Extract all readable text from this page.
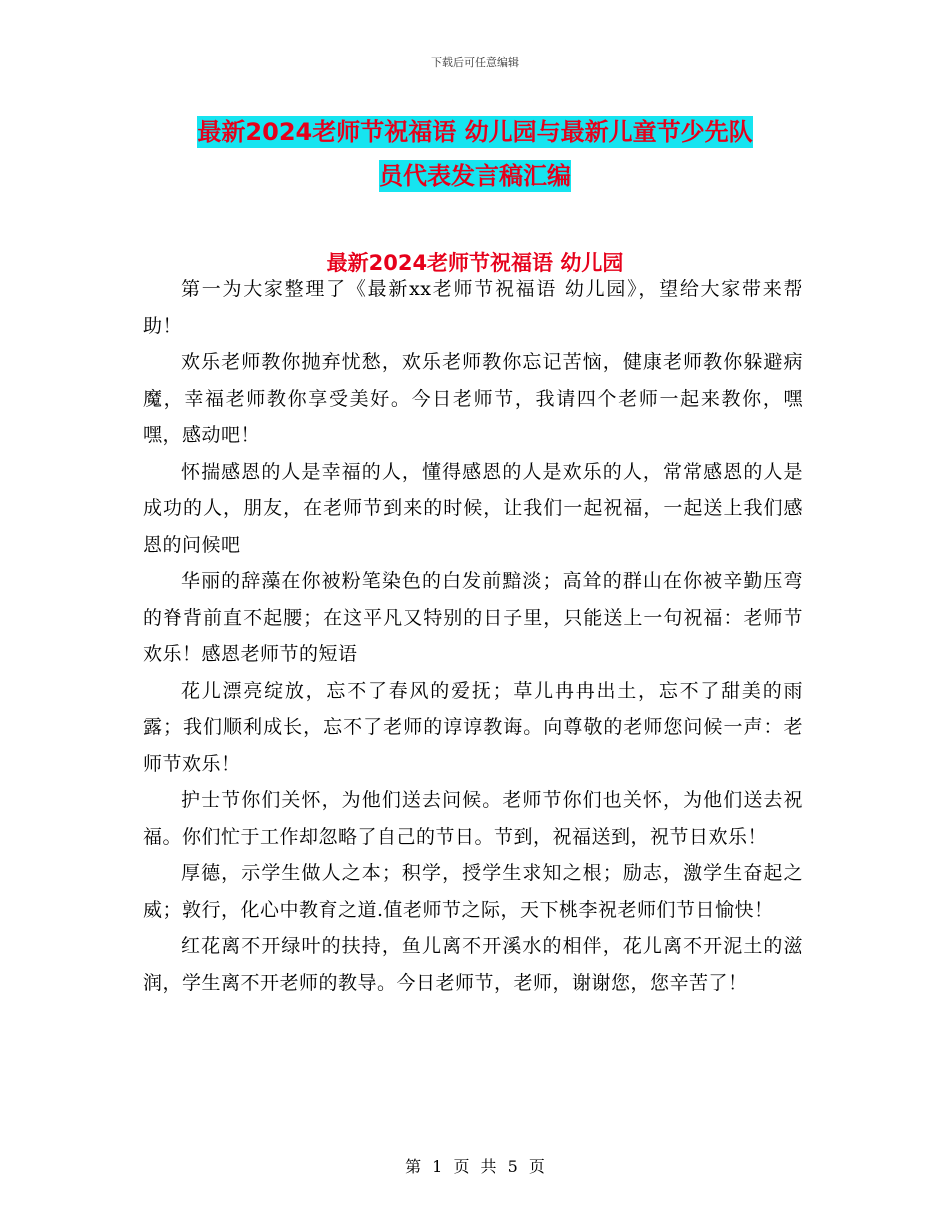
下载后可任意编辑
最新2024老师节祝福语 幼儿园与最新儿童节少先队
员代表发言稿汇编
最新2024老师节祝福语 幼儿园

第一为大家整理了《最新xx老师节祝福语 幼儿园》，望给大家带来帮助！

欢乐老师教你抛弃忧愁，欢乐老师教你忘记苦恼，健康老师教你躲避病魔，幸福老师教你享受美好。今日老师节，我请四个老师一起来教你，嘿嘿，感动吧！

怀揣感恩的人是幸福的人，懂得感恩的人是欢乐的人，常常感恩的人是成功的人，朋友，在老师节到来的时候，让我们一起祝福，一起送上我们感恩的问候吧

华丽的辞藻在你被粉笔染色的白发前黯淡；高耸的群山在你被辛勤压弯的脊背前直不起腰；在这平凡又特别的日子里，只能送上一句祝福：老师节欢乐！感恩老师节的短语

花儿漂亮绽放，忘不了春风的爱抚；草儿冉冉出土，忘不了甜美的雨露；我们顺利成长，忘不了老师的谆谆教诲。向尊敬的老师您问候一声：老师节欢乐！

护士节你们关怀，为他们送去问候。老师节你们也关怀，为他们送去祝福。你们忙于工作却忽略了自己的节日。节到，祝福送到，祝节日欢乐！

厚德，示学生做人之本；积学，授学生求知之根；励志，激学生奋起之威；敦行，化心中教育之道.值老师节之际，天下桃李祝老师们节日愉快！

红花离不开绿叶的扶持，鱼儿离不开溪水的相伴，花儿离不开泥土的滋润，学生离不开老师的教导。今日老师节，老师，谢谢您，您辛苦了！

第 1 页 共 5 页
